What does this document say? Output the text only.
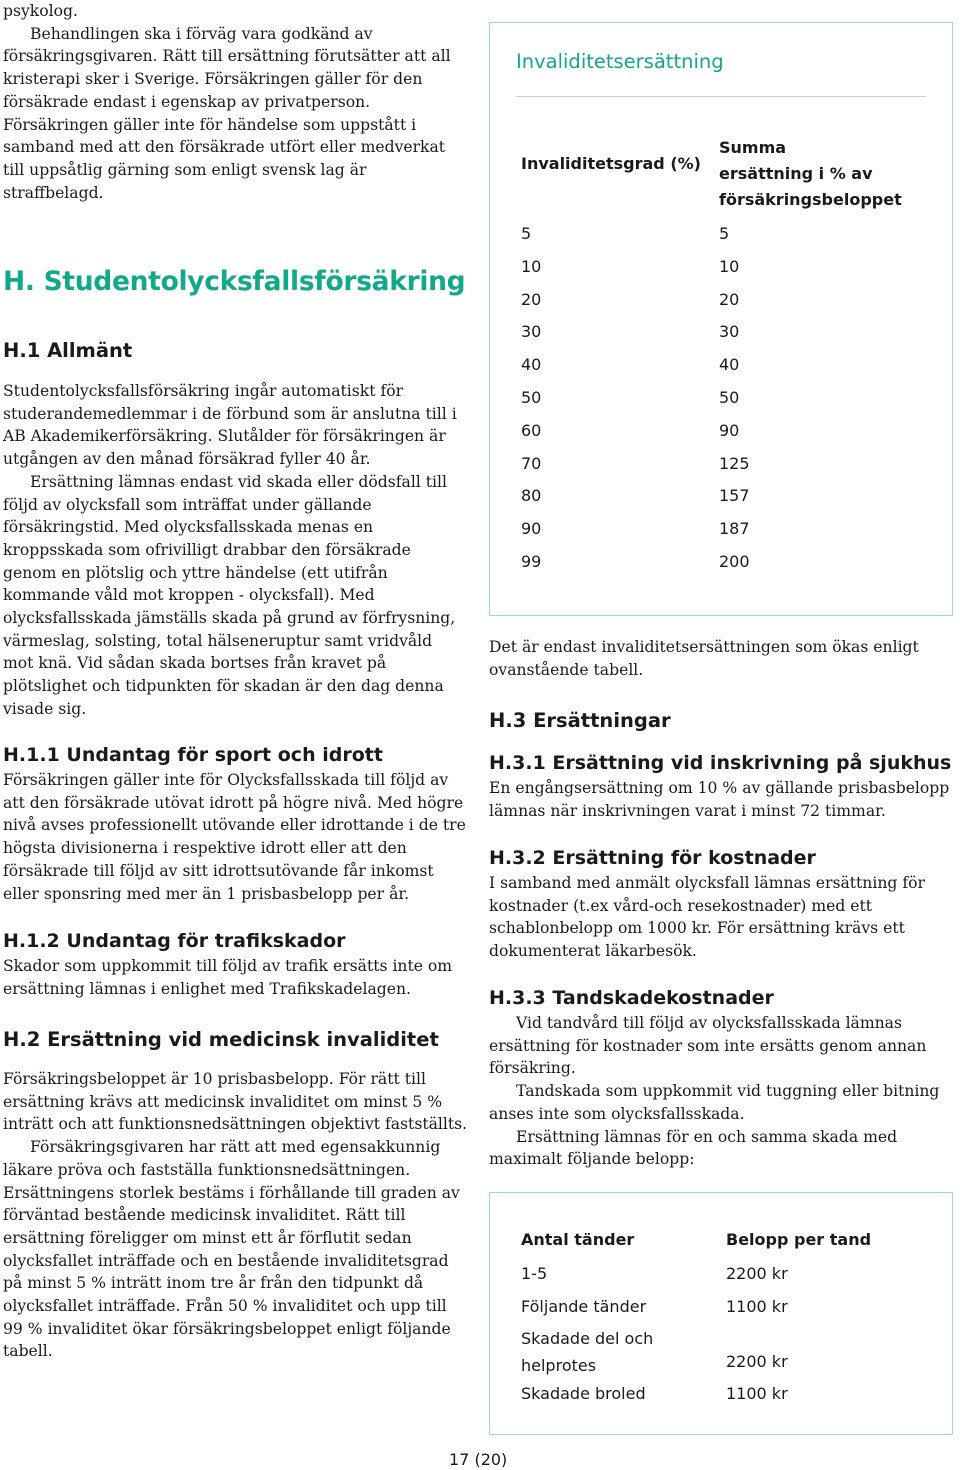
psykolog.

Behandlingen ska i förväg vara godkänd av

försäkringsgivaren. Rätt till ersättning förutsätter att all

kristerapi sker i Sverige. Försäkringen gäller för den

försäkrade endast i egenskap av privatperson.

Försäkringen gäller inte för händelse som uppstått i

samband med att den försäkrade utfört eller medverkat

till uppsåtlig gärning som enligt svensk lag är

straffbelagd.

H. Studentolycksfallsförsäkring
H.1 Allmänt

Studentolycksfallsförsäkring ingår automatiskt för studerandemedlemmar i de förbund som är anslutna till i AB Akademikerförsäkring. Slutålder för försäkringen är utgången av den månad försäkrad fyller 40 år.

Ersättning lämnas endast vid skada eller dödsfall till följd av olycksfall som inträffat under gällande försäkringstid. Med olycksfallsskada menas en kroppsskada som ofrivilligt drabbar den försäkrade genom en plötslig och yttre händelse (ett utifrån kommande våld mot kroppen - olycksfall). Med olycksfallsskada jämställs skada på grund av förfrysning, värmeslag, solsting, total hälseneruptur samt vridvåld mot knä. Vid sådan skada bortses från kravet på plötslighet och tidpunkten för skadan är den dag denna visade sig.

H.1.1 Undantag för sport och idrott

Försäkringen gäller inte för Olycksfallsskada till följd av att den försäkrade utövat idrott på högre nivå. Med högre nivå avses professionellt utövande eller idrottande i de tre högsta divisionerna i respektive idrott eller att den försäkrade till följd av sitt idrottsutövande får inkomst eller sponsring med mer än 1 prisbasbelopp per år.

H.1.2 Undantag för trafikskador

Skador som uppkommit till följd av trafik ersätts inte om ersättning lämnas i enlighet med Trafikskadelagen.

H.2 Ersättning vid medicinsk invaliditet

Försäkringsbeloppet är 10 prisbasbelopp. För rätt till ersättning krävs att medicinsk invaliditet om minst 5 % inträtt och att funktionsnedsättningen objektivt fastställts.

Försäkringsgivaren har rätt att med egensakkunnig läkare pröva och fastställa funktionsnedsättningen. Ersättningens storlek bestäms i förhållande till graden av förväntad bestående medicinsk invaliditet. Rätt till ersättning föreligger om minst ett år förflutit sedan olycksfallet inträffade och en bestående invaliditetsgrad på minst 5 % inträtt inom tre år från den tidpunkt då olycksfallet inträffade. Från 50 % invaliditet och upp till 99 % invaliditet ökar försäkringsbeloppet enligt följande tabell.

Invaliditetsersättning
Invaliditetsgrad (%)
Summa
ersättning i % av
försäkringsbeloppet
5	5
10	10
20	20
30	30
40	40
50	50
60	90
70	125
80	157
90	187
99	200

Det är endast invaliditetsersättningen som ökas enligt ovanstående tabell.

H.3 Ersättningar
H.3.1 Ersättning vid inskrivning på sjukhus

En engångsersättning om 10 % av gällande prisbasbelopp lämnas när inskrivningen varat i minst 72 timmar.

H.3.2 Ersättning för kostnader

I samband med anmält olycksfall lämnas ersättning för kostnader (t.ex vård-och resekostnader) med ett schablonbelopp om 1000 kr. För ersättning krävs ett dokumenterat läkarbesök.

H.3.3 Tandskadekostnader

Vid tandvård till följd av olycksfallsskada lämnas ersättning för kostnader som inte ersätts genom annan försäkring.

Tandskada som uppkommit vid tuggning eller bitning anses inte som olycksfallsskada.

Ersättning lämnas för en och samma skada med maximalt följande belopp:

Antal tänder	Belopp per tand
1-5	2200 kr
Följande tänder	1100 kr
Skadade del och helprotes	2200 kr
Skadade broled	1100 kr
17 (20)
